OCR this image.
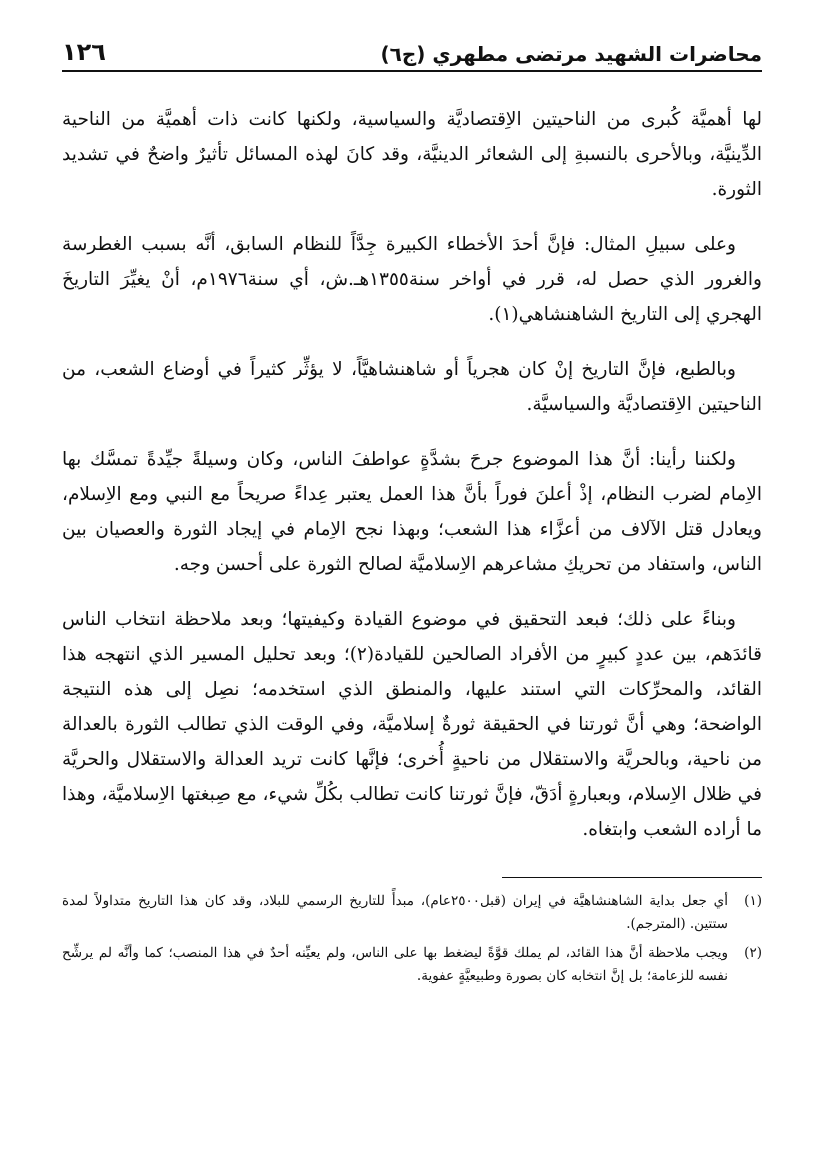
محاضرات الشهيد مرتضى مطهري (ج٦)
١٢٦

لها أهميَّة كُبرى من الناحيتين الاِقتصاديَّة والسياسية، ولكنها كانت ذات أهميَّة من الناحية الدِّينيَّة، وبالأحرى بالنسبةِ إلى الشعائر الدينيَّة، وقد كانَ لهذه المسائل تأثيرٌ واضحٌ في تشديد الثورة.

وعلى سبيلِ المثال: فإنَّ أحدَ الأخطاء الكبيرة جِدَّاً للنظام السابق، أنَّه بسبب الغطرسة والغرور الذي حصل له، قرر في أواخر سنة١٣٥٥هـ.ش، أي سنة١٩٧٦م، أنْ يغيِّرَ التاريخَ الهجري إلى التاريخ الشاهنشاهي(١).

وبالطبع، فإنَّ التاريخ إنْ كان هجرياً أو شاهنشاهيَّاً، لا يؤثِّر كثيراً في أوضاع الشعب، من الناحيتين الاِقتصاديَّة والسياسيَّة.

ولكننا رأينا: أنَّ هذا الموضوع جرحَ بشدَّةٍ عواطفَ الناس، وكان وسيلةً جيِّدةً تمسَّك بها الاِمام لضرب النظام، إذْ أعلنَ فوراً بأنَّ هذا العمل يعتبر عِداءً صريحاً مع النبي ومع الاِسلام، ويعادل قتل الآلاف من أعزَّاء هذا الشعب؛ وبهذا نجح الاِمام في إيجاد الثورة والعصيان بين الناس، واستفاد من تحريكِ مشاعرهم الاِسلاميَّة لصالح الثورة على أحسن وجه.

وبناءً على ذلك؛ فبعد التحقيق في موضوع القيادة وكيفيتها؛ وبعد ملاحظة انتخاب الناس قائدَهم، بين عددٍ كبيرٍ من الأفراد الصالحين للقيادة(٢)؛ وبعد تحليل المسير الذي انتهجه هذا القائد، والمحرِّكات التي استند عليها، والمنطق الذي استخدمه؛ نصِل إلى هذه النتيجة الواضحة؛ وهي أنَّ ثورتنا في الحقيقة ثورةٌ إسلاميَّة، وفي الوقت الذي تطالب الثورة بالعدالة من ناحية، وبالحريَّة والاستقلال من ناحيةٍ أُخرى؛ فإنَّها كانت تريد العدالة والاستقلال والحريَّة في ظلال الاِسلام، وبعبارةٍ أدَقّ، فإنَّ ثورتنا كانت تطالب بكُلِّ شيء، مع صِبغتها الاِسلاميَّة، وهذا ما أراده الشعب وابتغاه.

(١)
أي جعل بداية الشاهنشاهيَّة في إيران (قبل٢٥٠٠عام)، مبدأً للتاريخ الرسمي للبلاد، وقد كان هذا التاريخ متداولاً لمدة ستتين. (المترجم).
(٢)
ويجب ملاحظة أنَّ هذا القائد، لم يملك قوَّةً ليضغط بها على الناس، ولم يعيِّنه أحدٌ في هذا المنصب؛ كما وأنَّه لم يرشِّح نفسه للزعامة؛ بل إنَّ انتخابه كان بصورة وطبيعيَّةٍ عفوية.
